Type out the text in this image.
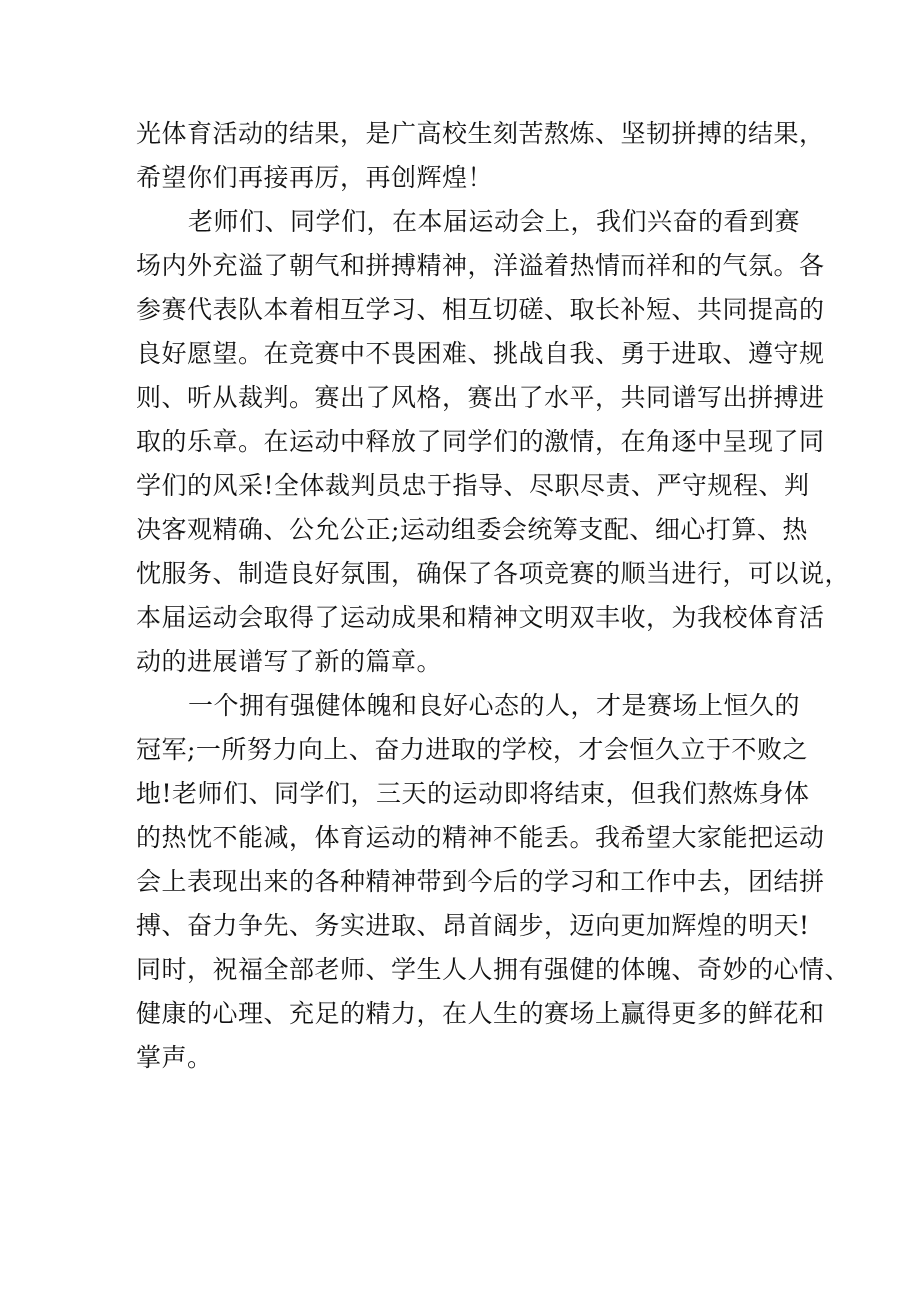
光体育活动的结果，是广高校生刻苦熬炼、坚韧拼搏的结果，
希望你们再接再厉，再创辉煌！
老师们、同学们，在本届运动会上，我们兴奋的看到赛
场内外充溢了朝气和拼搏精神，洋溢着热情而祥和的气氛。各
参赛代表队本着相互学习、相互切磋、取长补短、共同提高的
良好愿望。在竞赛中不畏困难、挑战自我、勇于进取、遵守规
则、听从裁判。赛出了风格，赛出了水平，共同谱写出拼搏进
取的乐章。在运动中释放了同学们的激情，在角逐中呈现了同
学们的风采!全体裁判员忠于指导、尽职尽责、严守规程、判
决客观精确、公允公正;运动组委会统筹支配、细心打算、热
忱服务、制造良好氛围，确保了各项竞赛的顺当进行，可以说，
本届运动会取得了运动成果和精神文明双丰收，为我校体育活
动的进展谱写了新的篇章。
一个拥有强健体魄和良好心态的人，才是赛场上恒久的
冠军;一所努力向上、奋力进取的学校，才会恒久立于不败之
地!老师们、同学们，三天的运动即将结束，但我们熬炼身体
的热忱不能减，体育运动的精神不能丢。我希望大家能把运动
会上表现出来的各种精神带到今后的学习和工作中去，团结拼
搏、奋力争先、务实进取、昂首阔步，迈向更加辉煌的明天!
同时，祝福全部老师、学生人人拥有强健的体魄、奇妙的心情、
健康的心理、充足的精力，在人生的赛场上赢得更多的鲜花和
掌声。
